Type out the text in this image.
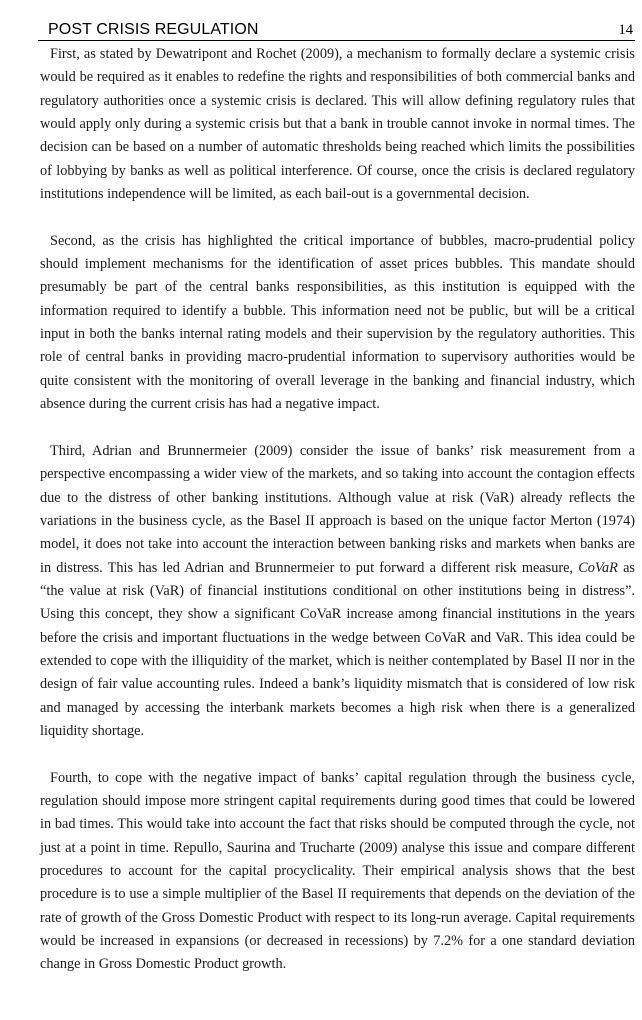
POST CRISIS REGULATION	14

First, as stated by Dewatripont and Rochet (2009), a mechanism to formally declare a systemic crisis would be required as it enables to redefine the rights and responsibilities of both commercial banks and regulatory authorities once a systemic crisis is declared. This will allow defining regulatory rules that would apply only during a systemic crisis but that a bank in trouble cannot invoke in normal times. The decision can be based on a number of automatic thresholds being reached which limits the possibilities of lobbying by banks as well as political interference. Of course, once the crisis is declared regulatory institutions independence will be limited, as each bail-out is a governmental decision.

Second, as the crisis has highlighted the critical importance of bubbles, macro-prudential policy should implement mechanisms for the identification of asset prices bubbles. This mandate should presumably be part of the central banks responsibilities, as this institution is equipped with the information required to identify a bubble. This information need not be public, but will be a critical input in both the banks internal rating models and their supervision by the regulatory authorities. This role of central banks in providing macro-prudential information to supervisory authorities would be quite consistent with the monitoring of overall leverage in the banking and financial industry, which absence during the current crisis has had a negative impact.

Third, Adrian and Brunnermeier (2009) consider the issue of banks’ risk measurement from a perspective encompassing a wider view of the markets, and so taking into account the contagion effects due to the distress of other banking institutions. Although value at risk (VaR) already reflects the variations in the business cycle, as the Basel II approach is based on the unique factor Merton (1974) model, it does not take into account the interaction between banking risks and markets when banks are in distress. This has led Adrian and Brunnermeier to put forward a different risk measure, CoVaR as “the value at risk (VaR) of financial institutions conditional on other institutions being in distress”. Using this concept, they show a significant CoVaR increase among financial institutions in the years before the crisis and important fluctuations in the wedge between CoVaR and VaR. This idea could be extended to cope with the illiquidity of the market, which is neither contemplated by Basel II nor in the design of fair value accounting rules. Indeed a bank’s liquidity mismatch that is considered of low risk and managed by accessing the interbank markets becomes a high risk when there is a generalized liquidity shortage.

Fourth, to cope with the negative impact of banks’ capital regulation through the business cycle, regulation should impose more stringent capital requirements during good times that could be lowered in bad times. This would take into account the fact that risks should be computed through the cycle, not just at a point in time. Repullo, Saurina and Trucharte (2009) analyse this issue and compare different procedures to account for the capital procyclicality. Their empirical analysis shows that the best procedure is to use a simple multiplier of the Basel II requirements that depends on the deviation of the rate of growth of the Gross Domestic Product with respect to its long-run average. Capital requirements would be increased in expansions (or decreased in recessions) by 7.2% for a one standard deviation change in Gross Domestic Product growth.
